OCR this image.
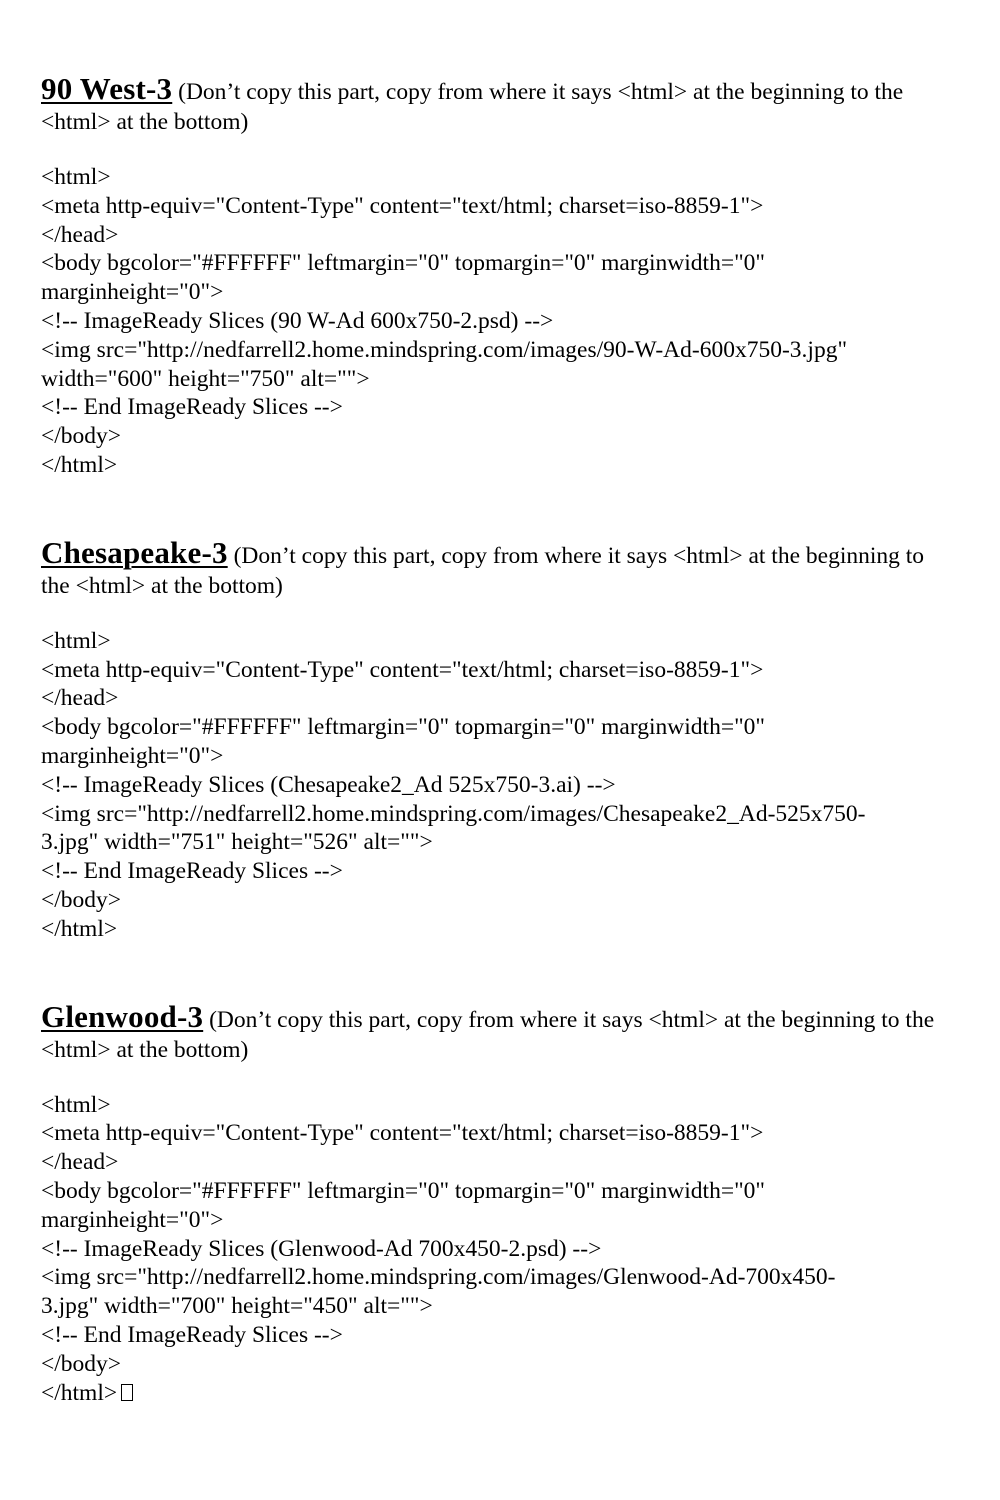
90 West-3 (Don’t copy this part, copy from where it says <html> at the beginning to the <html> at the bottom)

<html>
<meta http-equiv="Content-Type" content="text/html; charset=iso-8859-1">
</head>
<body bgcolor="#FFFFFF" leftmargin="0" topmargin="0" marginwidth="0"
marginheight="0">
<!-- ImageReady Slices (90 W-Ad 600x750-2.psd) -->
<img src="http://nedfarrell2.home.mindspring.com/images/90-W-Ad-600x750-3.jpg"
width="600" height="750" alt="">
<!-- End ImageReady Slices -->
</body>
</html>

Chesapeake-3 (Don’t copy this part, copy from where it says <html> at the beginning to the <html> at the bottom)

<html>
<meta http-equiv="Content-Type" content="text/html; charset=iso-8859-1">
</head>
<body bgcolor="#FFFFFF" leftmargin="0" topmargin="0" marginwidth="0"
marginheight="0">
<!-- ImageReady Slices (Chesapeake2_Ad 525x750-3.ai) -->
<img src="http://nedfarrell2.home.mindspring.com/images/Chesapeake2_Ad-525x750-
3.jpg" width="751" height="526" alt="">
<!-- End ImageReady Slices -->
</body>
</html>

Glenwood-3 (Don’t copy this part, copy from where it says <html> at the beginning to the <html> at the bottom)

<html>
<meta http-equiv="Content-Type" content="text/html; charset=iso-8859-1">
</head>
<body bgcolor="#FFFFFF" leftmargin="0" topmargin="0" marginwidth="0"
marginheight="0">
<!-- ImageReady Slices (Glenwood-Ad 700x450-2.psd) -->
<img src="http://nedfarrell2.home.mindspring.com/images/Glenwood-Ad-700x450-
3.jpg" width="700" height="450" alt="">
<!-- End ImageReady Slices -->
</body>
</html>
